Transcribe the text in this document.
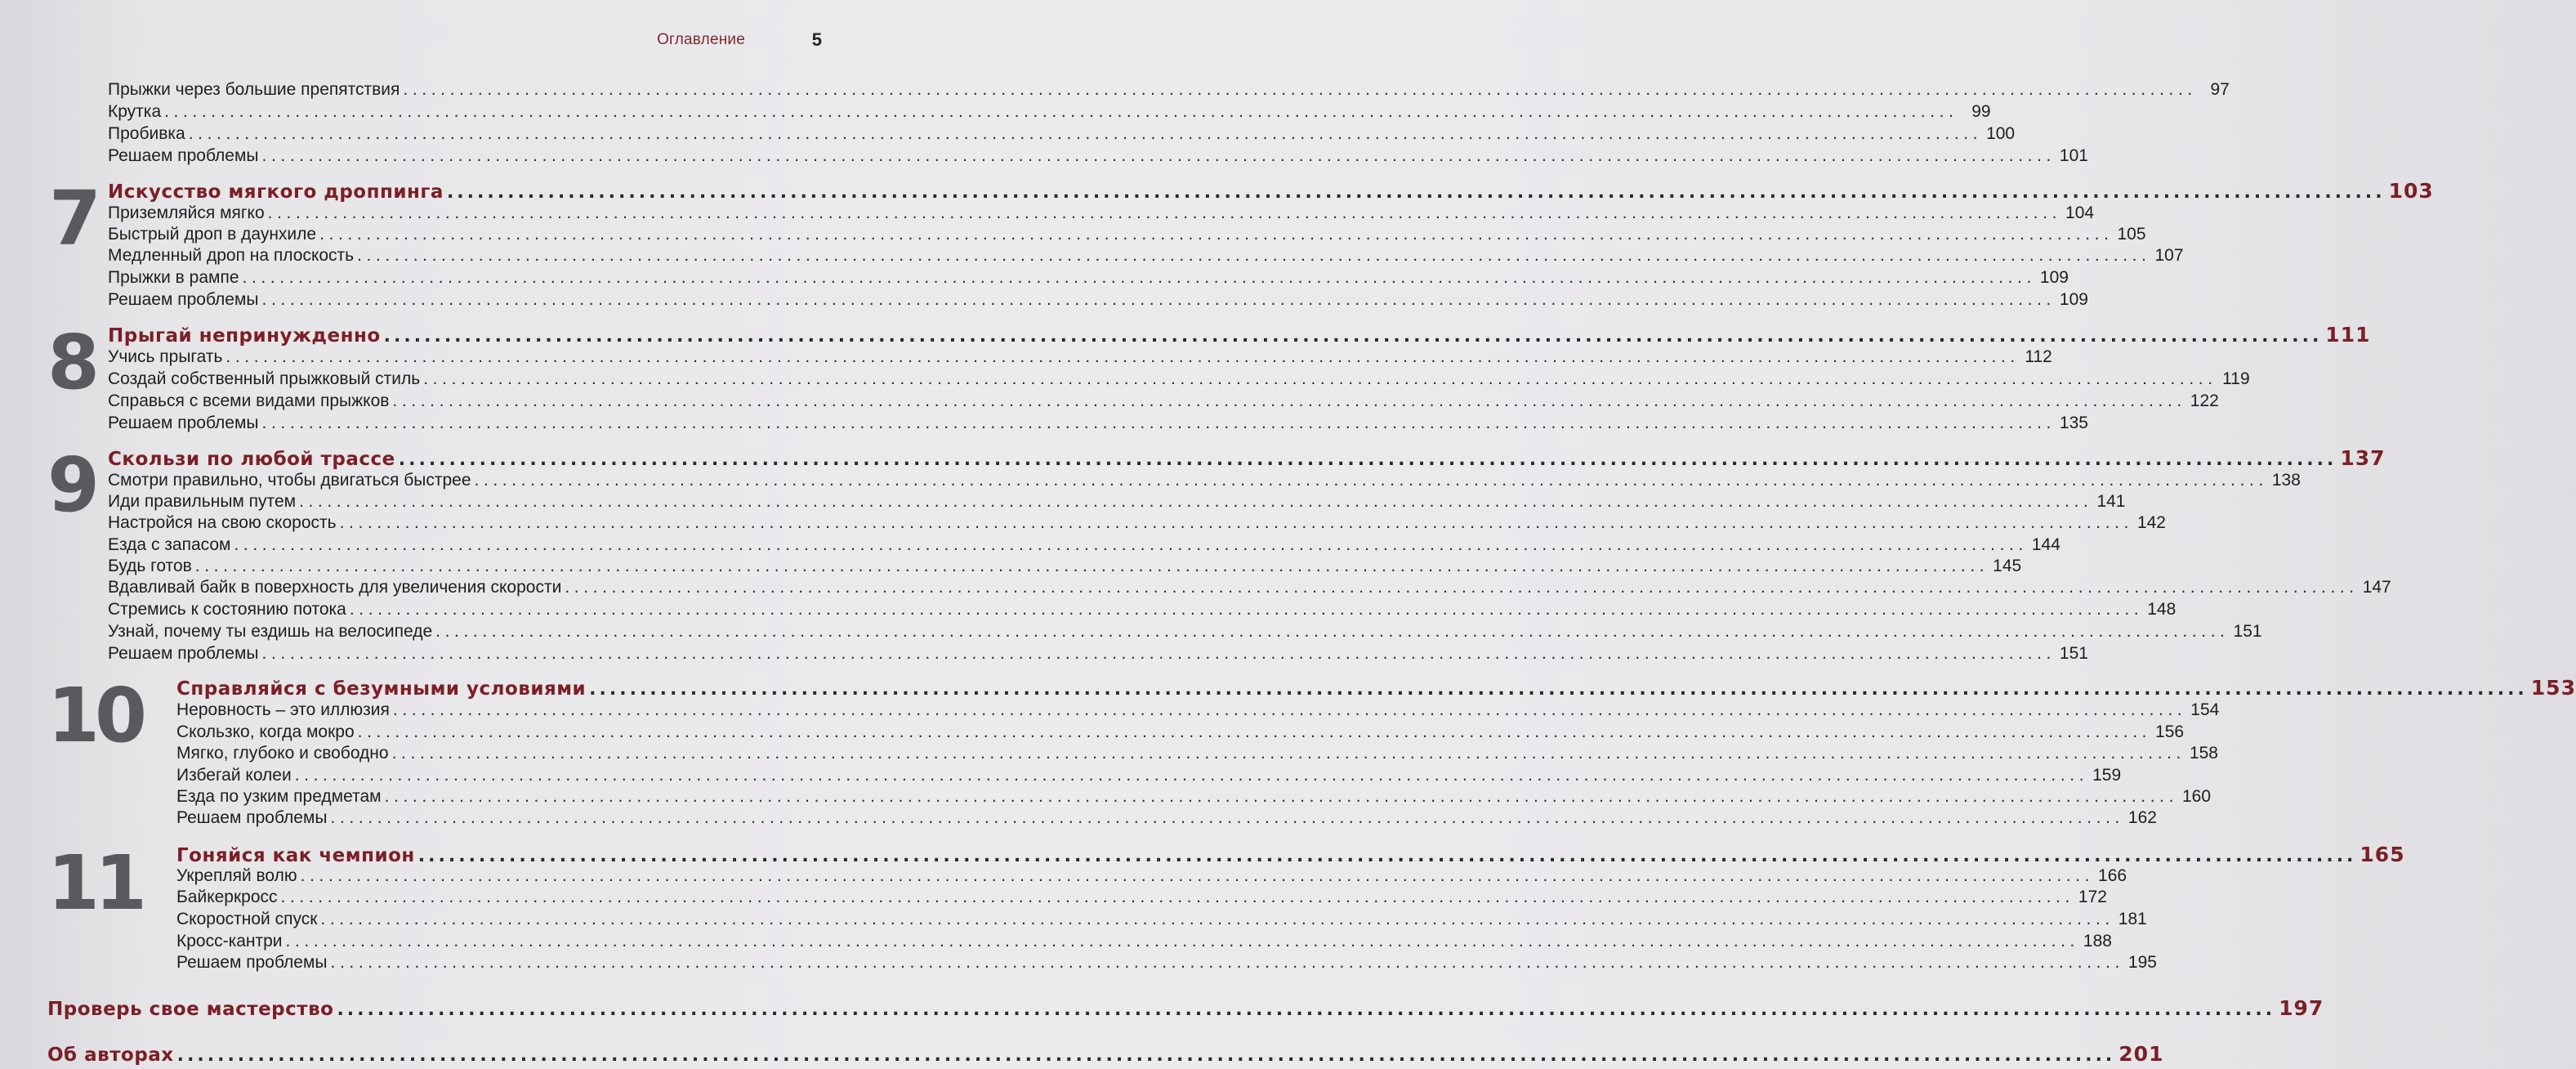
Оглавление	5
Прыжки через большие препятствия ................................................................................................................................................................................................ 97
Крутка ................................................................................................................................................................................................ 99
Пробивка ................................................................................................................................................................................................ 100
Решаем проблемы ................................................................................................................................................................................................ 101
7 Искусство мягкого дроппинга ................................................................................................................................................................................................ 103
Приземляйся мягко ................................................................................................................................................................................................ 104
Быстрый дроп в даунхиле ................................................................................................................................................................................................ 105
Медленный дроп на плоскость ................................................................................................................................................................................................ 107
Прыжки в рампе ................................................................................................................................................................................................ 109
Решаем проблемы ................................................................................................................................................................................................ 109
8 Прыгай непринужденно ................................................................................................................................................................................................ 111
Учись прыгать ................................................................................................................................................................................................ 112
Создай собственный прыжковый стиль ................................................................................................................................................................................................ 119
Справься с всеми видами прыжков ................................................................................................................................................................................................ 122
Решаем проблемы ................................................................................................................................................................................................ 135
9 Скользи по любой трассе ................................................................................................................................................................................................ 137
Смотри правильно, чтобы двигаться быстрее ................................................................................................................................................................................................ 138
Иди правильным путем ................................................................................................................................................................................................ 141
Настройся на свою скорость ................................................................................................................................................................................................ 142
Езда с запасом ................................................................................................................................................................................................ 144
Будь готов ................................................................................................................................................................................................ 145
Вдавливай байк в поверхность для увеличения скорости ................................................................................................................................................................................................ 147
Стремись к состоянию потока ................................................................................................................................................................................................ 148
Узнай, почему ты ездишь на велосипеде ................................................................................................................................................................................................ 151
Решаем проблемы ................................................................................................................................................................................................ 151
10 Справляйся с безумными условиями ................................................................................................................................................................................................ 153
Неровность – это иллюзия ................................................................................................................................................................................................ 154
Скользко, когда мокро ................................................................................................................................................................................................ 156
Мягко, глубоко и свободно ................................................................................................................................................................................................ 158
Избегай колеи ................................................................................................................................................................................................ 159
Езда по узким предметам ................................................................................................................................................................................................ 160
Решаем проблемы ................................................................................................................................................................................................ 162
11 Гоняйся как чемпион ................................................................................................................................................................................................ 165
Укрепляй волю ................................................................................................................................................................................................ 166
Байкеркросс ................................................................................................................................................................................................ 172
Скоростной спуск ................................................................................................................................................................................................ 181
Кросс-кантри ................................................................................................................................................................................................ 188
Решаем проблемы ................................................................................................................................................................................................ 195
Проверь свое мастерство ................................................................................................................................................................................................ 197
Об авторах ................................................................................................................................................................................................ 201
